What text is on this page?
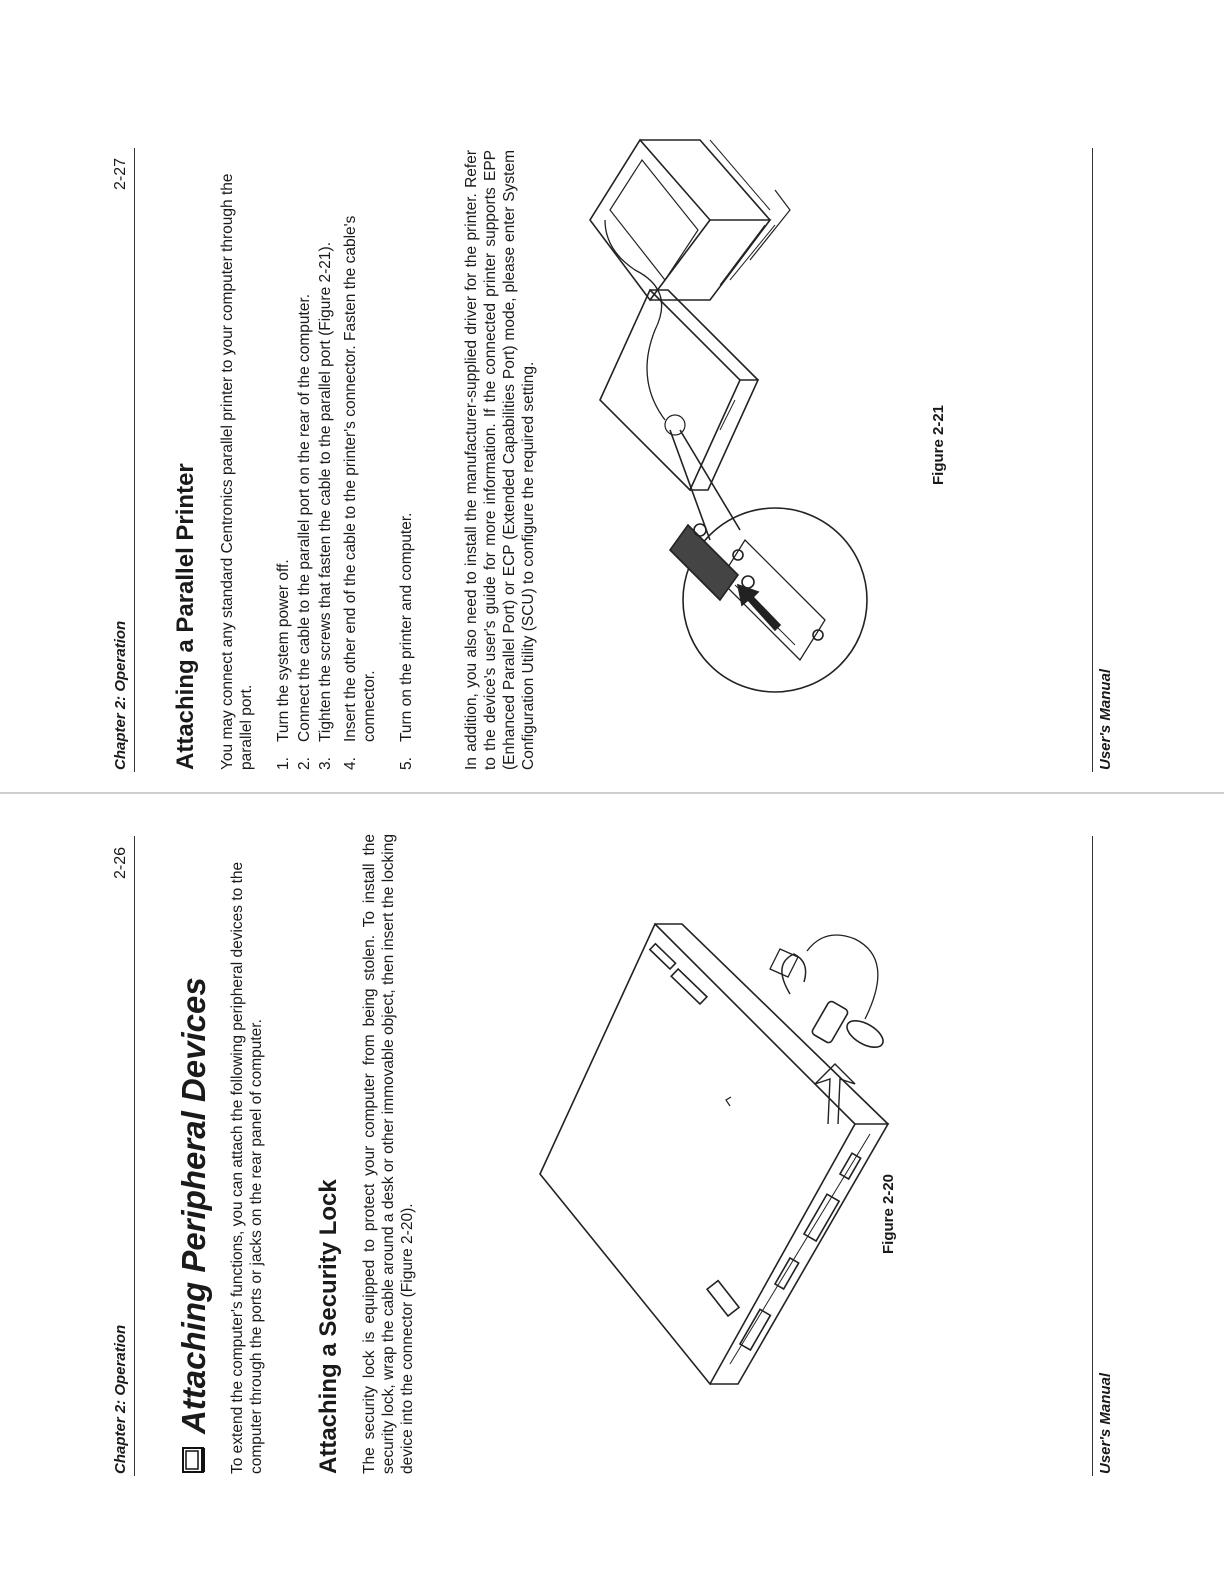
Chapter 2: Operation
2-26
Attaching Peripheral Devices To extend the computer's functions, you can attach the following peripheral devices to the computer through the ports or jacks on the rear panel of computer. Attaching a Security Lock The security lock is equipped to protect your computer from being stolen. To install the security lock, wrap the cable around a desk or other immovable object, then insert the locking device into the connector (Figure 2-20).	Figure 2-20
User's Manual
Chapter 2: Operation
2-27
Attaching a Parallel Printer You may connect any standard Centronics parallel printer to your computer through the parallel port. 1.
Turn the system power off.
2.
Connect the cable to the parallel port on the rear of the computer.
3.
Tighten the screws that fasten the cable to the parallel port (Figure 2-21).
4.
Insert the other end of the cable to the printer's connector. Fasten the cable's connector.
5.
Turn on the printer and computer.	In addition, you also need to install the manufacturer-supplied driver for the printer. Refer to the device's user's guide for more information. If the connected printer supports EPP (Enhanced Parallel Port) or ECP (Extended Capabilities Port) mode, please enter System Configuration Utility (SCU) to configure the required setting.	Figure 2-21
User's Manual
